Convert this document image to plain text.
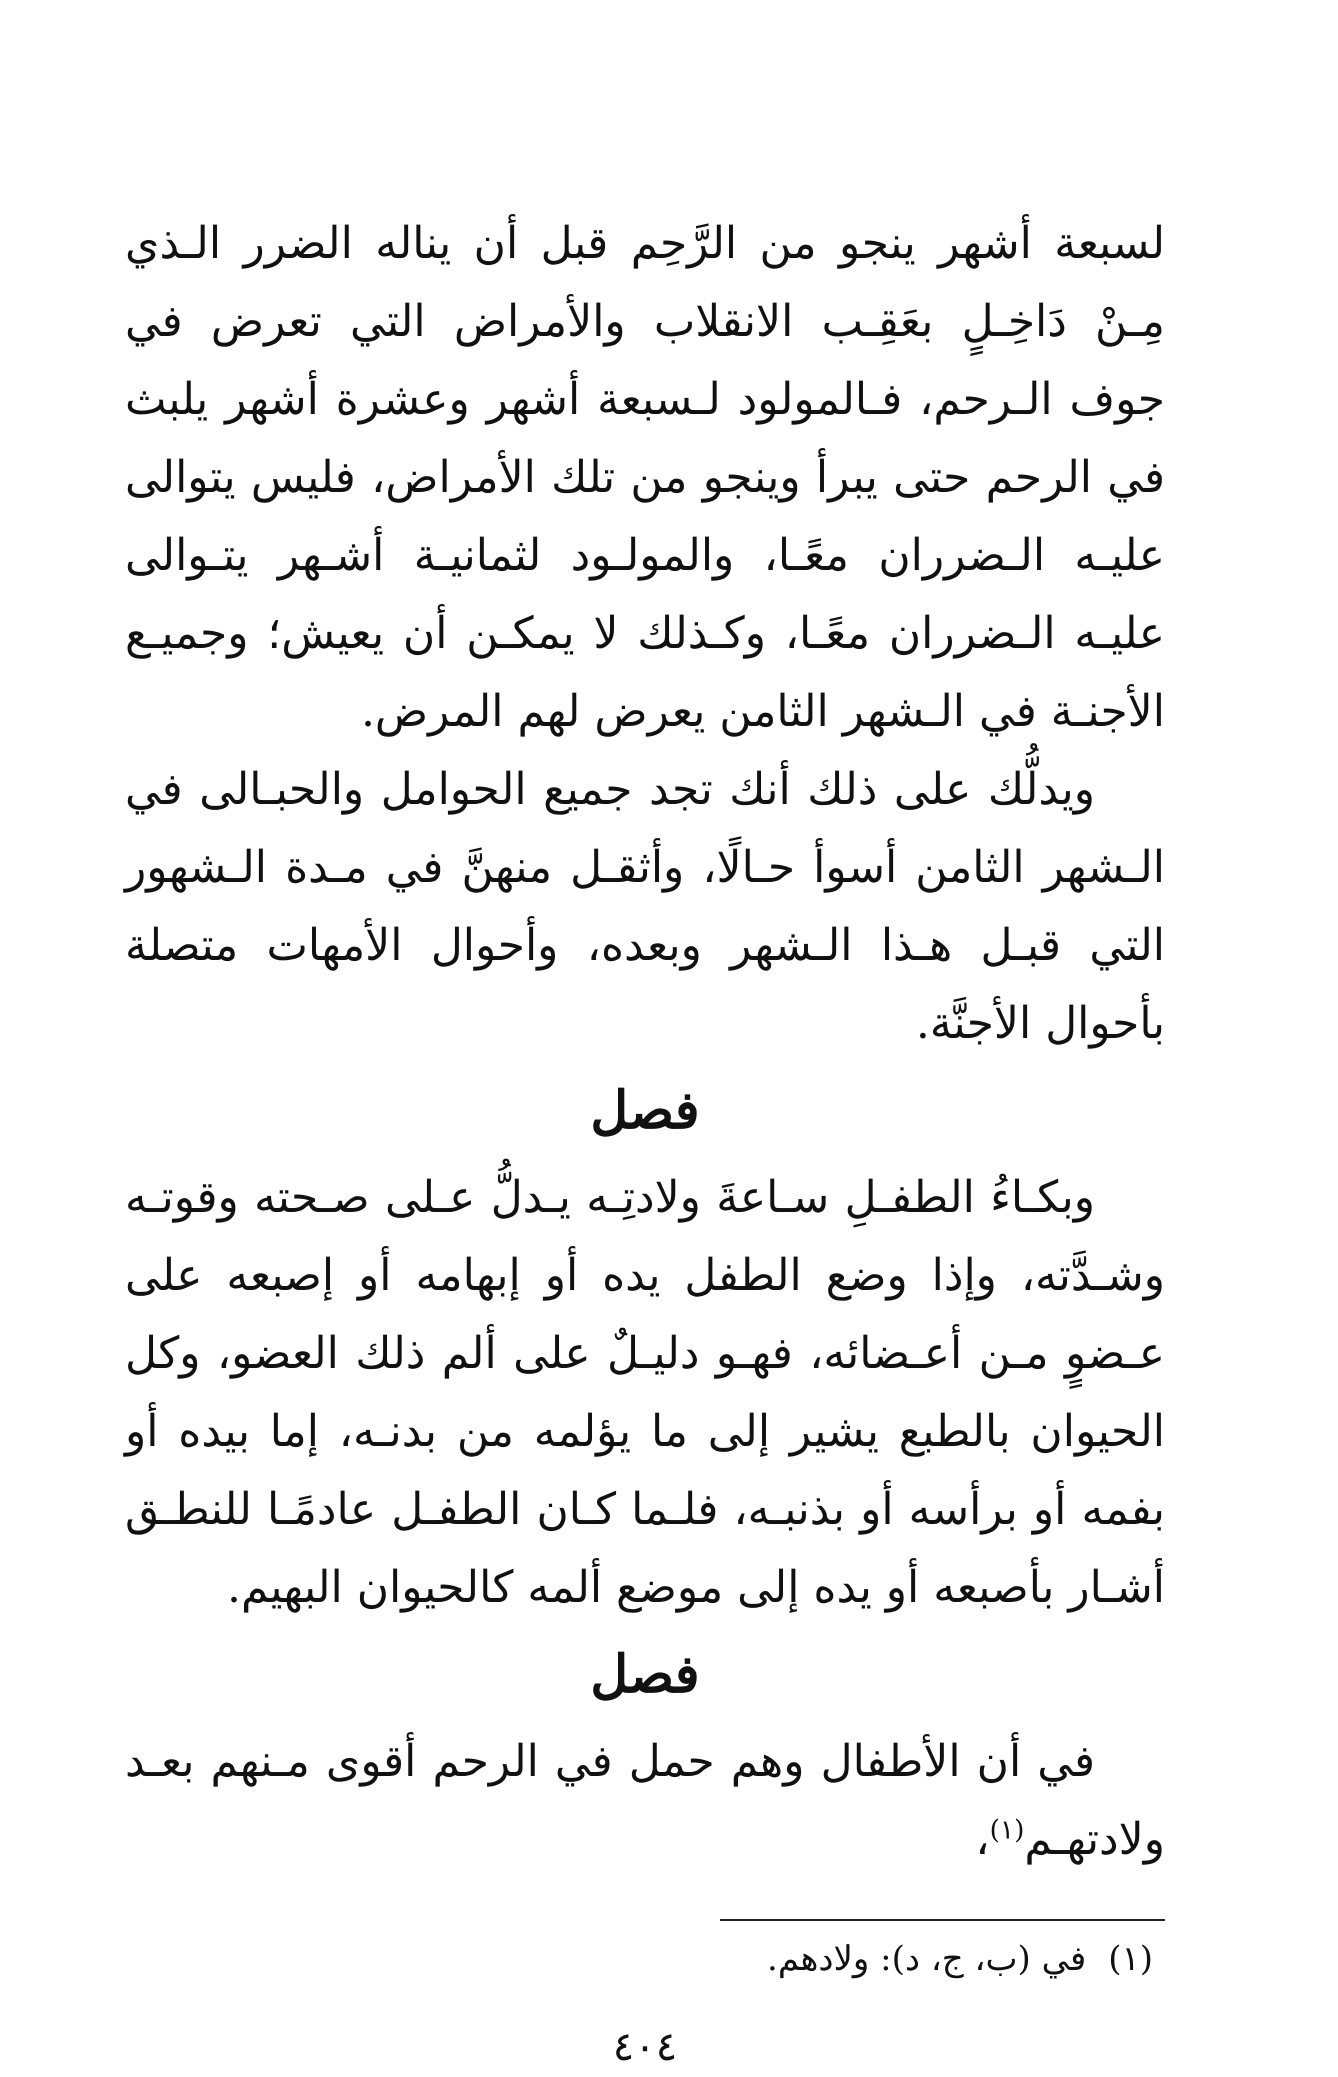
لسبعة أشهر ينجو من الرَّحِم قبل أن يناله الضرر الـذي مِـنْ دَاخِـلٍ بعَقِـب الانقلاب والأمراض التي تعرض في جوف الـرحم، فـالمولود لـسبعة أشهر وعشرة أشهر يلبث في الرحم حتى يبرأ وينجو من تلك الأمراض، فليس يتوالى عليـه الـضرران معًـا، والمولـود لثمانيـة أشـهر يتـوالى عليـه الـضرران معًـا، وكـذلك لا يمكـن أن يعيش؛ وجميـع الأجنـة في الـشهر الثامن يعرض لهم المرض.

ويدلُّك على ذلك أنك تجد جميع الحوامل والحبـالى في الـشهر الثامن أسوأ حـالًا، وأثقـل منهنَّ في مـدة الـشهور التي قبـل هـذا الـشهر وبعده، وأحوال الأمهات متصلة بأحوال الأجنَّة.

فصل

وبكـاءُ الطفـلِ سـاعةَ ولادتِـه يـدلُّ عـلى صـحته وقوتـه وشـدَّته، وإذا وضع الطفل يده أو إبهامه أو إصبعه على عـضوٍ مـن أعـضائه، فهـو دليـلٌ على ألم ذلك العضو، وكل الحيوان بالطبع يشير إلى ما يؤلمه من بدنـه، إما بيده أو بفمه أو برأسه أو بذنبـه، فلـما كـان الطفـل عادمًـا للنطـق أشـار بأصبعه أو يده إلى موضع ألمه كالحيوان البهيم.

فصل

في أن الأطفال وهم حمل في الرحم أقوى مـنهم بعـد ولادتهـم$^{(١)}$،

(١)في (ب، ج، د): ولادهم.

٤٠٤
